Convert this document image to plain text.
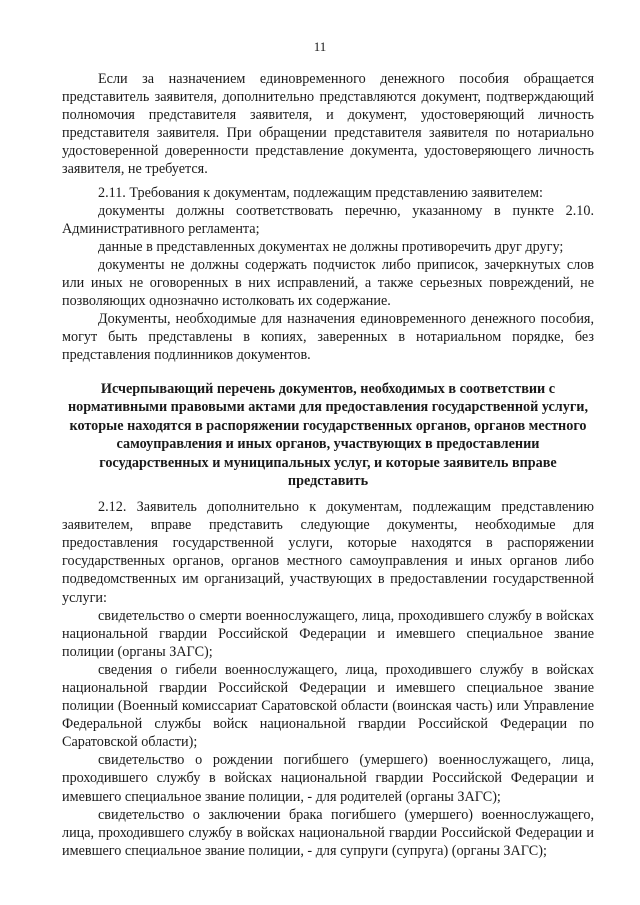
11

Если за назначением единовременного денежного пособия обращается представитель заявителя, дополнительно представляются документ, подтверждающий полномочия представителя заявителя, и документ, удостоверяющий личность представителя заявителя. При обращении представителя заявителя по нотариально удостоверенной доверенности представление документа, удостоверяющего личность заявителя, не требуется.

2.11. Требования к документам, подлежащим представлению заявителем:

документы должны соответствовать перечню, указанному в пункте 2.10. Административного регламента;

данные в представленных документах не должны противоречить друг другу;

документы не должны содержать подчисток либо приписок, зачеркнутых слов или иных не оговоренных в них исправлений, а также серьезных повреждений, не позволяющих однозначно истолковать их содержание.

Документы, необходимые для назначения единовременного денежного пособия, могут быть представлены в копиях, заверенных в нотариальном порядке, без представления подлинников документов.

Исчерпывающий перечень документов, необходимых в соответствии с нормативными правовыми актами для предоставления государственной услуги, которые находятся в распоряжении государственных органов, органов местного самоуправления и иных органов, участвующих в предоставлении государственных и муниципальных услуг, и которые заявитель вправе представить

2.12. Заявитель дополнительно к документам, подлежащим представлению заявителем, вправе представить следующие документы, необходимые для предоставления государственной услуги, которые находятся в распоряжении государственных органов, органов местного самоуправления и иных органов либо подведомственных им организаций, участвующих в предоставлении государственной услуги:

свидетельство о смерти военнослужащего, лица, проходившего службу в войсках национальной гвардии Российской Федерации и имевшего специальное звание полиции (органы ЗАГС);

сведения о гибели военнослужащего, лица, проходившего службу в войсках национальной гвардии Российской Федерации и имевшего специальное звание полиции (Военный комиссариат Саратовской области (воинская часть) или Управление Федеральной службы войск национальной гвардии Российской Федерации по Саратовской области);

свидетельство о рождении погибшего (умершего) военнослужащего, лица, проходившего службу в войсках национальной гвардии Российской Федерации и имевшего специальное звание полиции, - для родителей (органы ЗАГС);

свидетельство о заключении брака погибшего (умершего) военнослужащего, лица, проходившего службу в войсках национальной гвардии Российской Федерации и имевшего специальное звание полиции, - для супруги (супруга) (органы ЗАГС);
